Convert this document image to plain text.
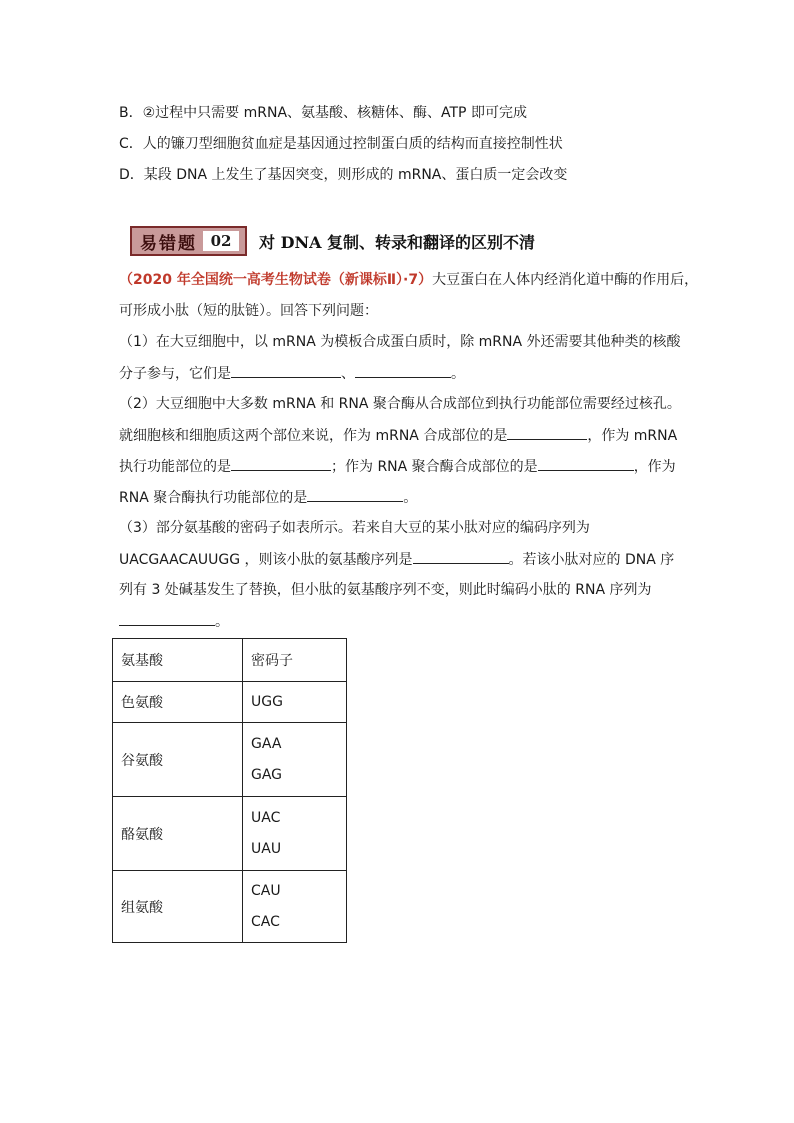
B．②过程中只需要 mRNA、氨基酸、核糖体、酶、ATP 即可完成
C．人的镰刀型细胞贫血症是基因通过控制蛋白质的结构而直接控制性状
D．某段 DNA 上发生了基因突变，则形成的 mRNA、蛋白质一定会改变
易错题 02	对 DNA 复制、转录和翻译的区别不清
（2020 年全国统一高考生物试卷（新课标Ⅱ）·7）大豆蛋白在人体内经消化道中酶的作用后，
可形成小肽（短的肽链）。回答下列问题：
（1）在大豆细胞中，以 mRNA 为模板合成蛋白质时，除 mRNA 外还需要其他种类的核酸
分子参与，它们是	、	。
（2）大豆细胞中大多数 mRNA 和 RNA 聚合酶从合成部位到执行功能部位需要经过核孔。
就细胞核和细胞质这两个部位来说，作为 mRNA 合成部位的是	，作为 mRNA
执行功能部位的是	；作为 RNA 聚合酶合成部位的是	，作为
RNA 聚合酶执行功能部位的是	。
（3）部分氨基酸的密码子如表所示。若来自大豆的某小肽对应的编码序列为
UACGAACAUUGG ，则该小肽的氨基酸序列是	。若该小肽对应的 DNA 序
列有 3 处碱基发生了替换，但小肽的氨基酸序列不变，则此时编码小肽的 RNA 序列为
。
氨基酸	密码子
色氨酸	UGG
谷氨酸	GAA
GAG

酪氨酸	UAC
UAU

组氨酸	CAU
CAC
